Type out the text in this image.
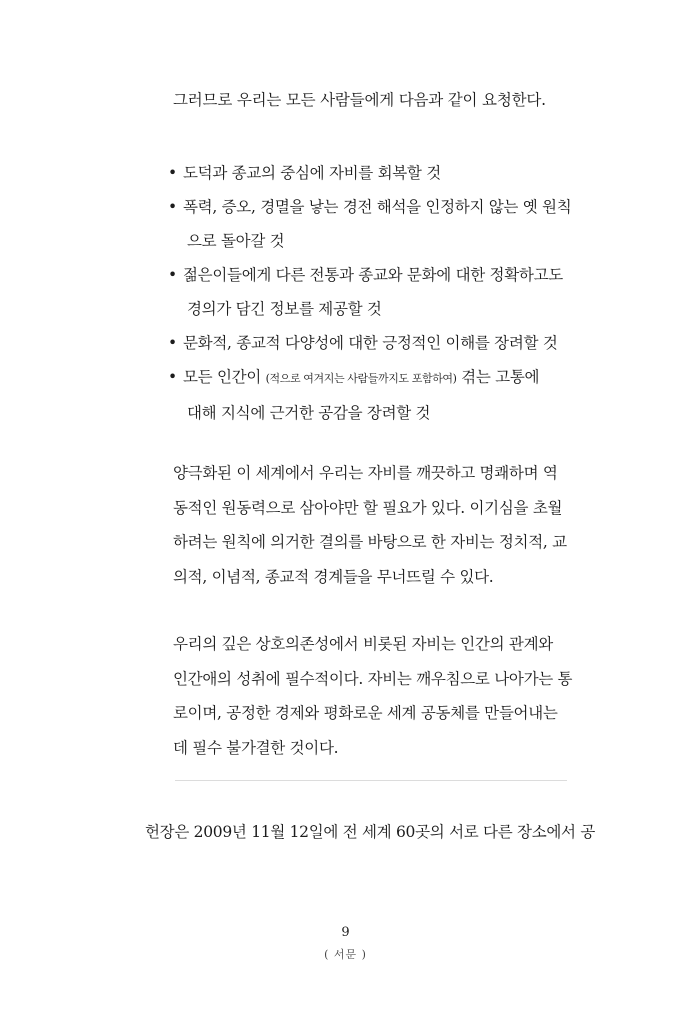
그러므로 우리는 모든 사람들에게 다음과 같이 요청한다.
• 도덕과 종교의 중심에 자비를 회복할 것
• 폭력, 증오, 경멸을 낳는 경전 해석을 인정하지 않는 옛 원칙
으로 돌아갈 것
• 젊은이들에게 다른 전통과 종교와 문화에 대한 정확하고도
경의가 담긴 정보를 제공할 것
• 문화적, 종교적 다양성에 대한 긍정적인 이해를 장려할 것
• 모든 인간이 (적으로 여겨지는 사람들까지도 포함하여) 겪는 고통에
대해 지식에 근거한 공감을 장려할 것
양극화된 이 세계에서 우리는 자비를 깨끗하고 명쾌하며 역
동적인 원동력으로 삼아야만 할 필요가 있다. 이기심을 초월
하려는 원칙에 의거한 결의를 바탕으로 한 자비는 정치적, 교
의적, 이념적, 종교적 경계들을 무너뜨릴 수 있다.
우리의 깊은 상호의존성에서 비롯된 자비는 인간의 관계와
인간애의 성취에 필수적이다. 자비는 깨우침으로 나아가는 통
로이며, 공정한 경제와 평화로운 세계 공동체를 만들어내는
데 필수 불가결한 것이다.
헌장은 2009년 11월 12일에 전 세계 60곳의 서로 다른 장소에서 공
9
( 서문 )
